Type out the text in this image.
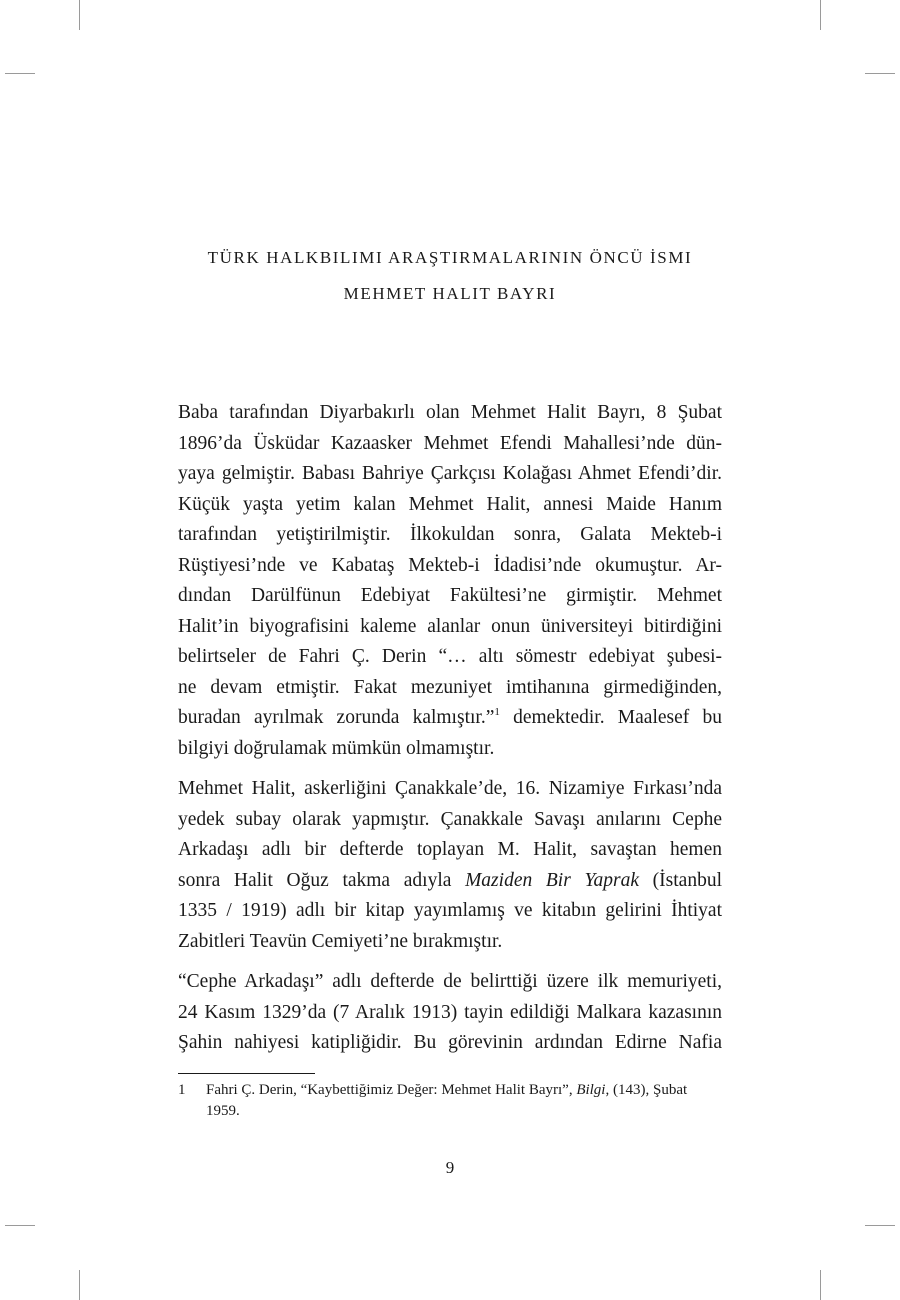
TÜRK HALKBILIMI ARAŞTIRMALARININ ÖNCÜ İSMI
MEHMET HALIT BAYRI

Baba tarafından Diyarbakırlı olan Mehmet Halit Bayrı, 8 Şubat
1896’da Üsküdar Kazaasker Mehmet Efendi Mahallesi’nde dün-
yaya gelmiştir. Babası Bahriye Çarkçısı Kolağası Ahmet Efendi’dir.
Küçük yaşta yetim kalan Mehmet Halit, annesi Maide Hanım
tarafından yetiştirilmiştir. İlkokuldan sonra, Galata Mekteb-i
Rüştiyesi’nde ve Kabataş Mekteb-i İdadisi’nde okumuştur. Ar-
dından Darülfünun Edebiyat Fakültesi’ne girmiştir. Mehmet
Halit’in biyografisini kaleme alanlar onun üniversiteyi bitirdiğini
belirtseler de Fahri Ç. Derin “… altı sömestr edebiyat şubesi-
ne devam etmiştir. Fakat mezuniyet imtihanına girmediğinden,
buradan ayrılmak zorunda kalmıştır.”$^1$ demektedir. Maalesef bu
bilgiyi doğrulamak mümkün olmamıştır.

Mehmet Halit, askerliğini Çanakkale’de, 16. Nizamiye Fırkası’nda
yedek subay olarak yapmıştır. Çanakkale Savaşı anılarını Cephe
Arkadaşı adlı bir defterde toplayan M. Halit, savaştan hemen
sonra Halit Oğuz takma adıyla Maziden Bir Yaprak (İstanbul
1335 / 1919) adlı bir kitap yayımlamış ve kitabın gelirini İhtiyat
Zabitleri Teavün Cemiyeti’ne bırakmıştır.

“Cephe Arkadaşı” adlı defterde de belirttiği üzere ilk memuriyeti,
24 Kasım 1329’da (7 Aralık 1913) tayin edildiği Malkara kazasının
Şahin nahiyesi katipliğidir. Bu görevinin ardından Edirne Nafia

1 Fahri Ç. Derin, “Kaybettiğimiz Değer: Mehmet Halit Bayrı”, Bilgi, (143), Şubat
1959.
9
